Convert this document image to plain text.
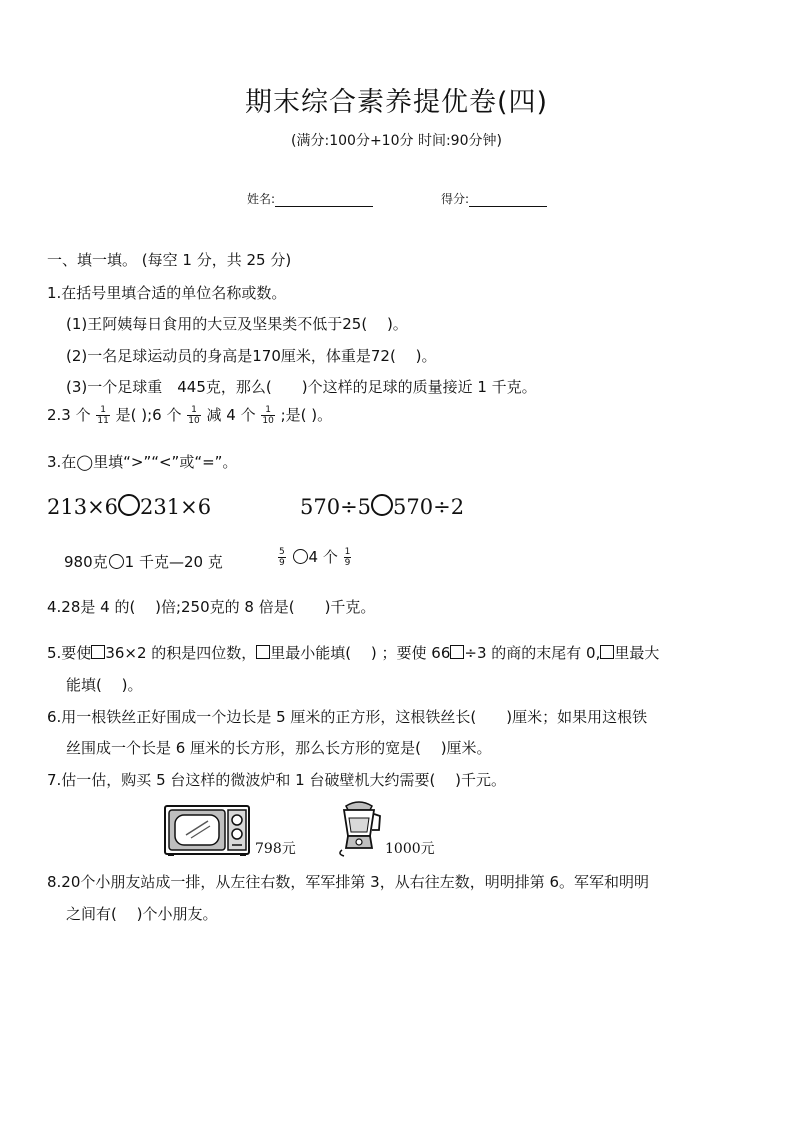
期末综合素养提优卷(四)
(满分:100分+10分 时间:90分钟)
姓名:	得分:
一、填一填。 (每空 1 分，共 25 分)
1.在括号里填合适的单位名称或数。
(1)王阿姨每日食用的大豆及坚果类不低于25(　 )。
(2)一名足球运动员的身高是170厘米，体重是72(　 )。
(3)一个足球重　445克，那么(　　)个这样的足球的质量接近 1 千克。
2.3 个 $\frac{1}{11}$ 是( );6 个 $\frac{1}{10}$ 减 4 个 $\frac{1}{10}$ ;是( )。
3.在◯里填“>”“<”或“=”。
213×6 231×6	570÷5 570÷2
980克 1 千克—20 克	$\frac{5}{9} 4$ 个 $\frac{1}{9}$
4.28是 4 的(　 )倍;250克的 8 倍是(　　)千克。
5.要使 36×2 的积是四位数， 里最小能填(　 ) ；要使 66 ÷3 的商的末尾有 0, 里最大
能填(　 )。
6.用一根铁丝正好围成一个边长是 5 厘米的正方形，这根铁丝长(　　)厘米；如果用这根铁
丝围成一个长是 6 厘米的长方形，那么长方形的宽是(　 )厘米。
7.估一估，购买 5 台这样的微波炉和 1 台破壁机大约需要(　 )千元。
798元	1000元
8.20个小朋友站成一排，从左往右数，军军排第 3，从右往左数，明明排第 6。军军和明明
之间有(　 )个小朋友。
